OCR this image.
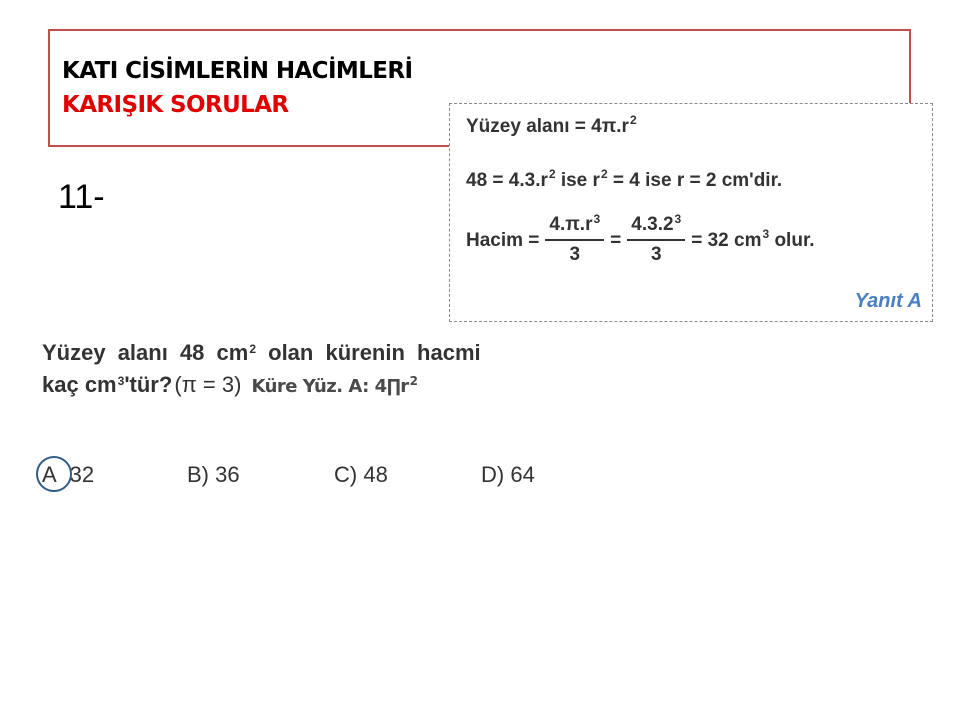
KATI CİSİMLERİN HACİMLERİ
KARIŞIK SORULAR
11-
Yüzey alanı = $4\pi.r^2$
$48 = 4.3.r^2$ ise $r^2 = 4$ ise r = 2 cm'dir.
Hacim = $\frac{4.\pi.r^3}{3} = \frac{4.3.2^3}{3} = 32$ $cm^3$ olur.
Yanıt A
Yüzey alanı 48 $cm^2$ olan kürenin hacmi
kaç $cm^3$ 'tür? (π = 3) Küre Yüz. A: $4\prod r^2$
A 32	B) 36	C) 48	D) 64
